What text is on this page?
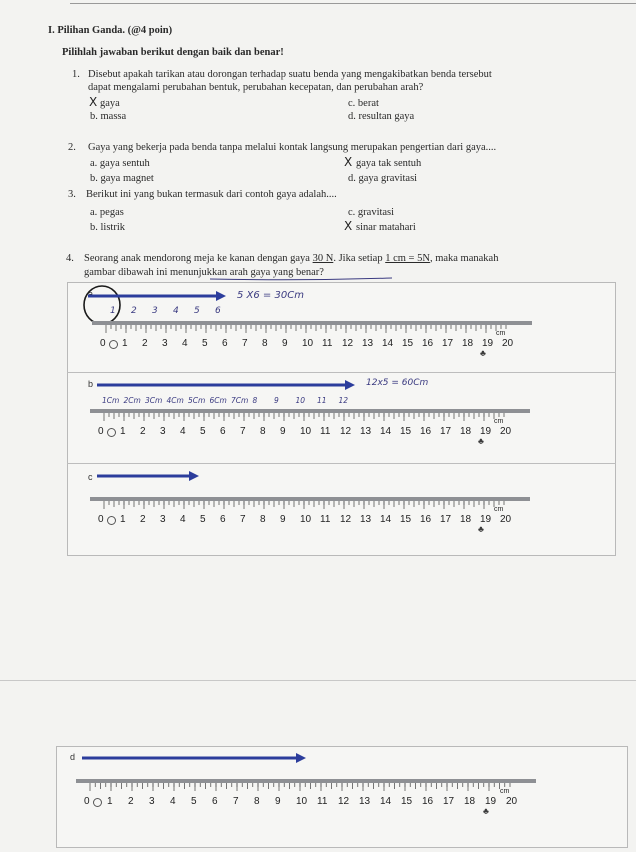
I. Pilihan Ganda. (@4 poin)
Pilihlah jawaban berikut dengan baik dan benar!
1. Disebut apakah tarikan atau dorongan terhadap suatu benda yang mengakibatkan benda tersebut
dapat mengalami perubahan bentuk, perubahan kecepatan, dan perubahan arah?
X gaya
b. massa
c. berat
d. resultan gaya
2. Gaya yang bekerja pada benda tanpa melalui kontak langsung merupakan pengertian dari gaya....
a. gaya sentuh
b. gaya magnet
X gaya tak sentuh
d. gaya gravitasi
3. Berikut ini yang bukan termasuk dari contoh gaya adalah....
a. pegas
b. listrik
c. gravitasi
X sinar matahari
4. Seorang anak mendorong meja ke kanan dengan gaya 30 N. Jika setiap 1 cm = 5N, maka manakah
gambar dibawah ini menunjukkan arah gaya yang benar?
a	5 X6 = 30Cm
1 2 3 4 5 6
0 1 2 3 4 5 6 7 8 9 10 11 12 13 14 15 16 17 18 19 20
cm
♣
b	12x5 = 60Cm
1Cm 2Cm 3Cm 4Cm 5Cm 6Cm 7Cm 8 9 10 11 12
0 1 2 3 4 5 6 7 8 9 10 11 12 13 14 15 16 17 18 19 20
cm
♣
c
0 1 2 3 4 5 6 7 8 9 10 11 12 13 14 15 16 17 18 19 20
cm
♣
d
0 1 2 3 4 5 6 7 8 9 10 11 12 13 14 15 16 17 18 19 20
cm
♣
